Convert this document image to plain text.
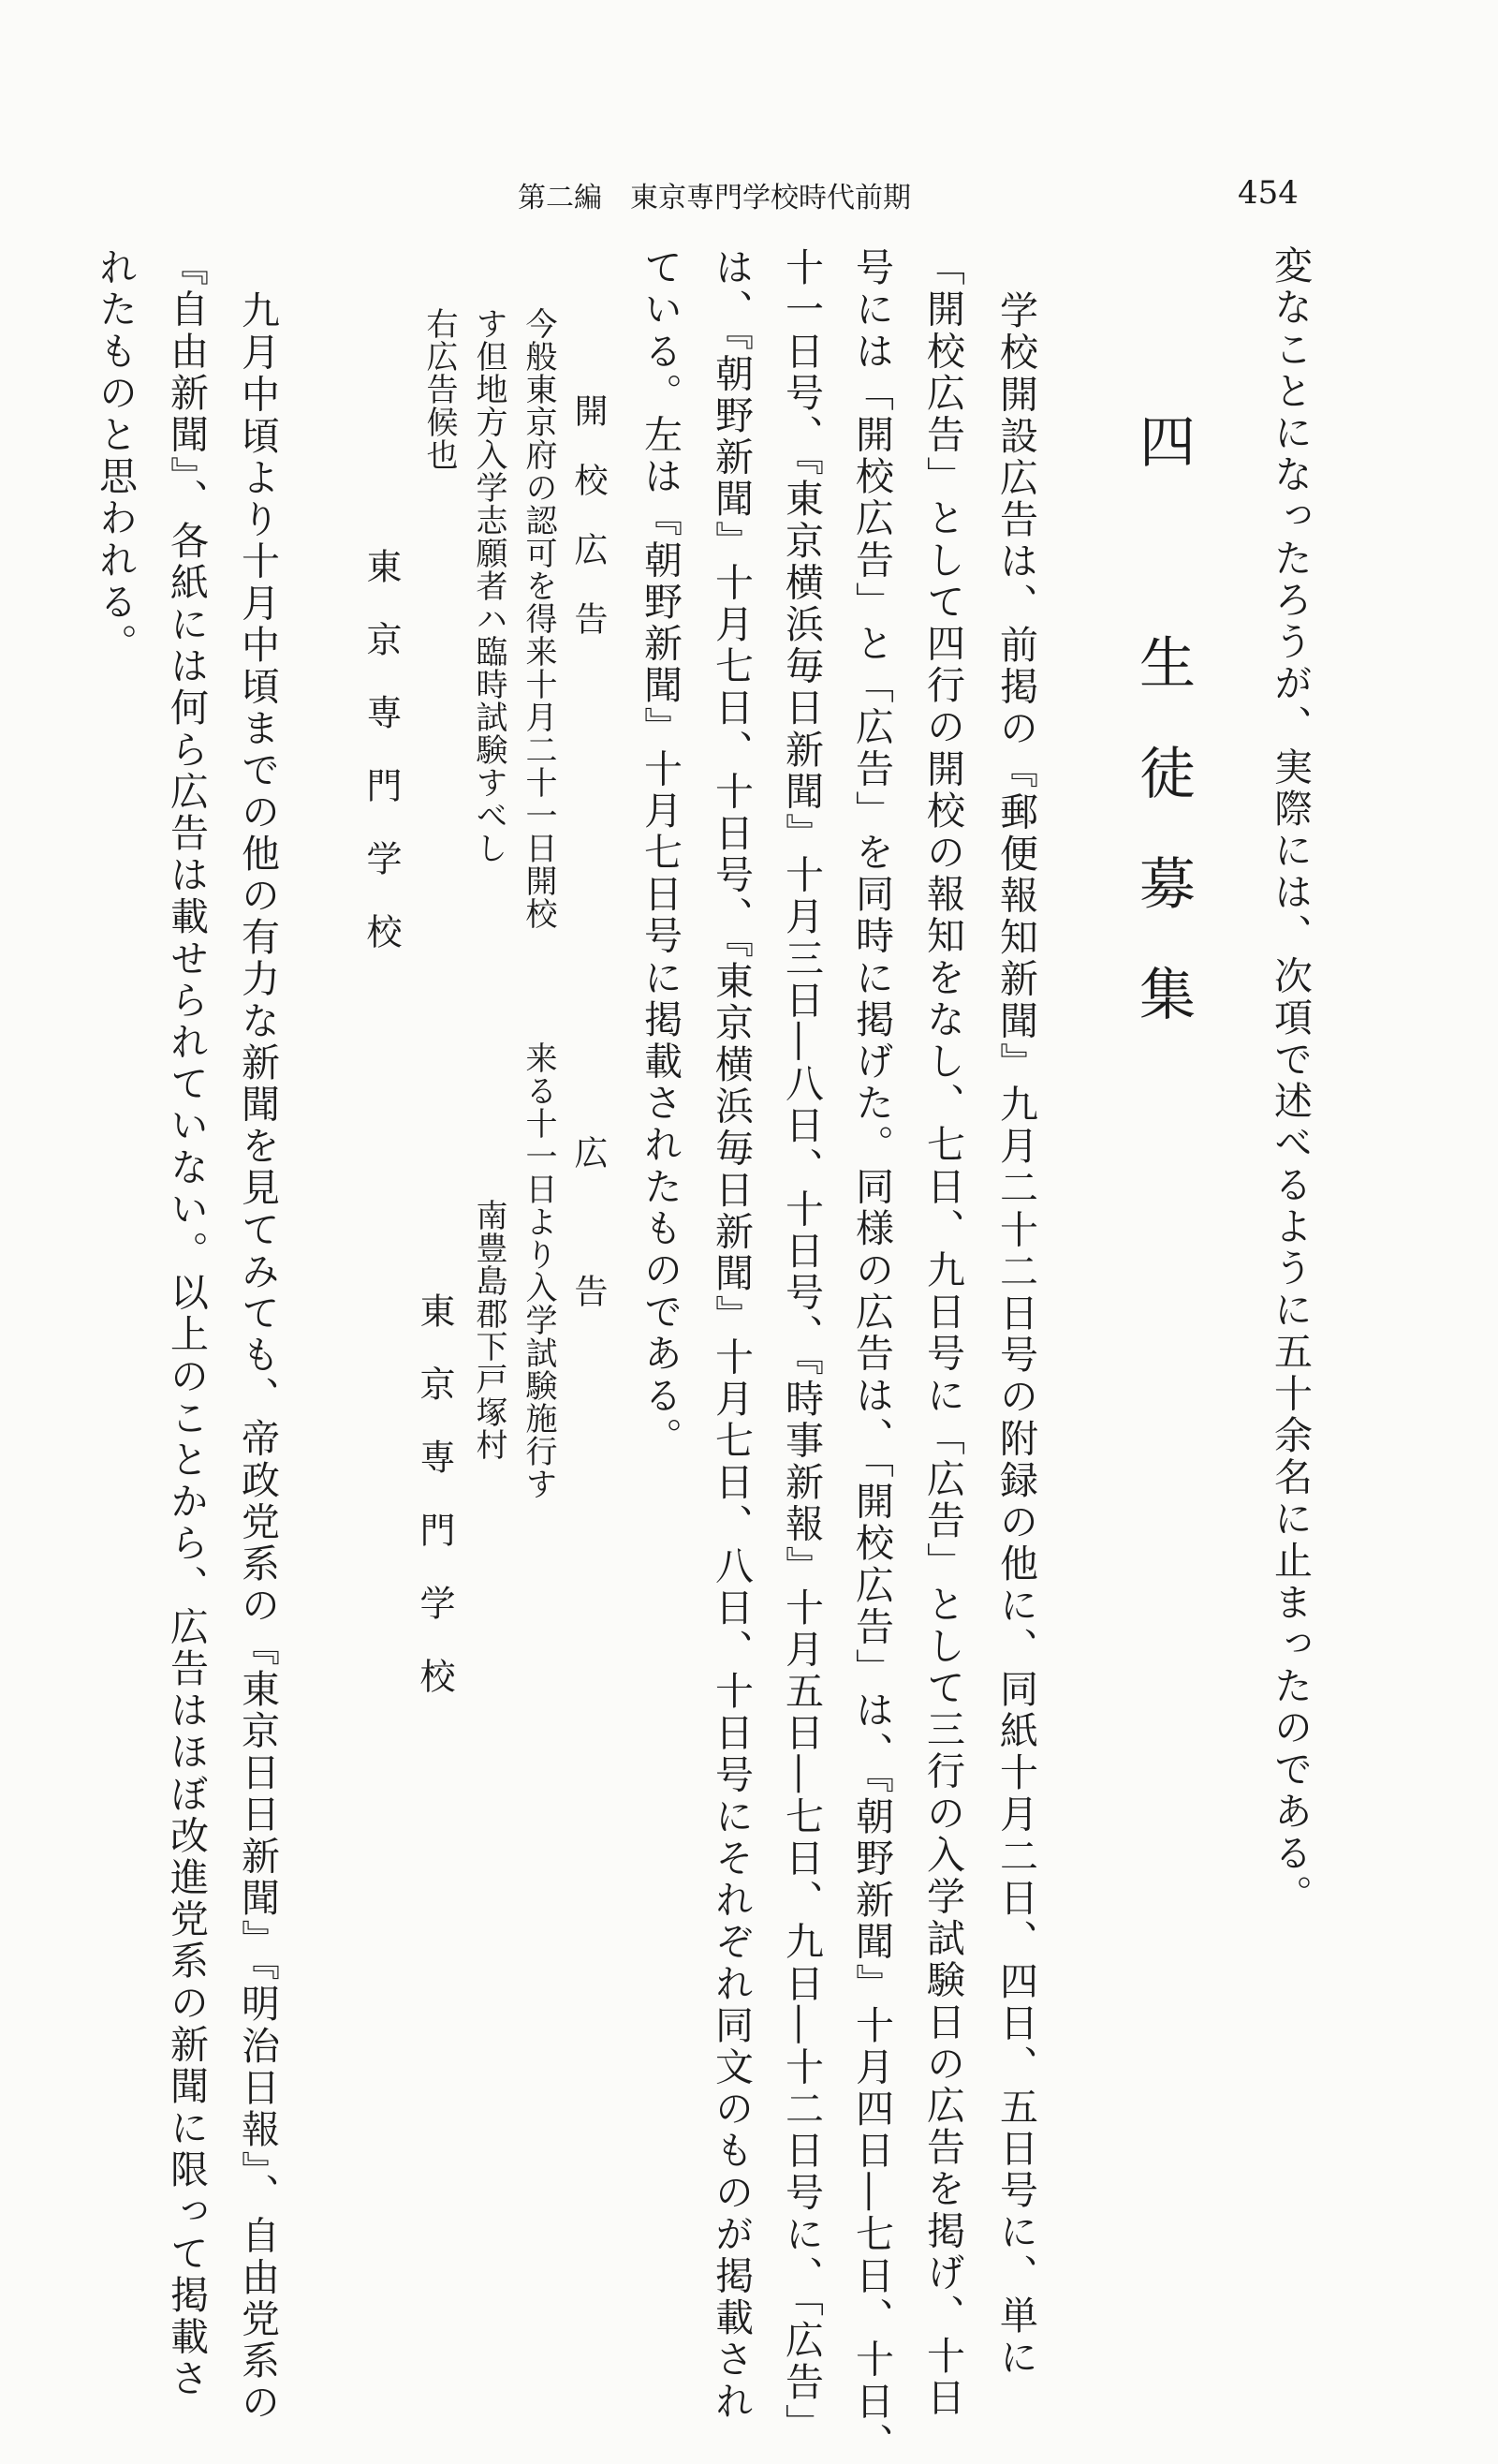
第二編　東京専門学校時代前期	454
変なことになったろうが、実際には、次項で述べるように五十余名に止まったのである。
四　生徒募集
学校開設広告は、前掲の『郵便報知新聞』九月二十二日号の附録の他に、同紙十月二日、四日、五日号に、単に
「開校広告」として四行の開校の報知をなし、七日、九日号に「広告」として三行の入学試験日の広告を掲げ、十日
号には「開校広告」と「広告」を同時に掲げた。同様の広告は、「開校広告」は、『朝野新聞』十月四日―七日、十日、
十一日号、『東京横浜毎日新聞』十月三日―八日、十日号、『時事新報』十月五日―七日、九日―十二日号に、「広告」
は、『朝野新聞』十月七日、十日号、『東京横浜毎日新聞』十月七日、八日、十日号にそれぞれ同文のものが掲載され
ている。左は『朝野新聞』十月七日号に掲載されたものである。
開　校　広　告
今般東京府の認可を得来十月二十一日開校
す但地方入学志願者ハ臨時試験すべし
右広告候也
東　京　専　門　学　校
広　　　告
来る十一日より入学試験施行す
南豊島郡下戸塚村
東　京　専　門　学　校
九月中頃より十月中頃までの他の有力な新聞を見てみても、帝政党系の『東京日日新聞』『明治日報』、自由党系の
『自由新聞』、各紙には何ら広告は載せられていない。以上のことから、広告はほぼ改進党系の新聞に限って掲載さ
れたものと思われる。
